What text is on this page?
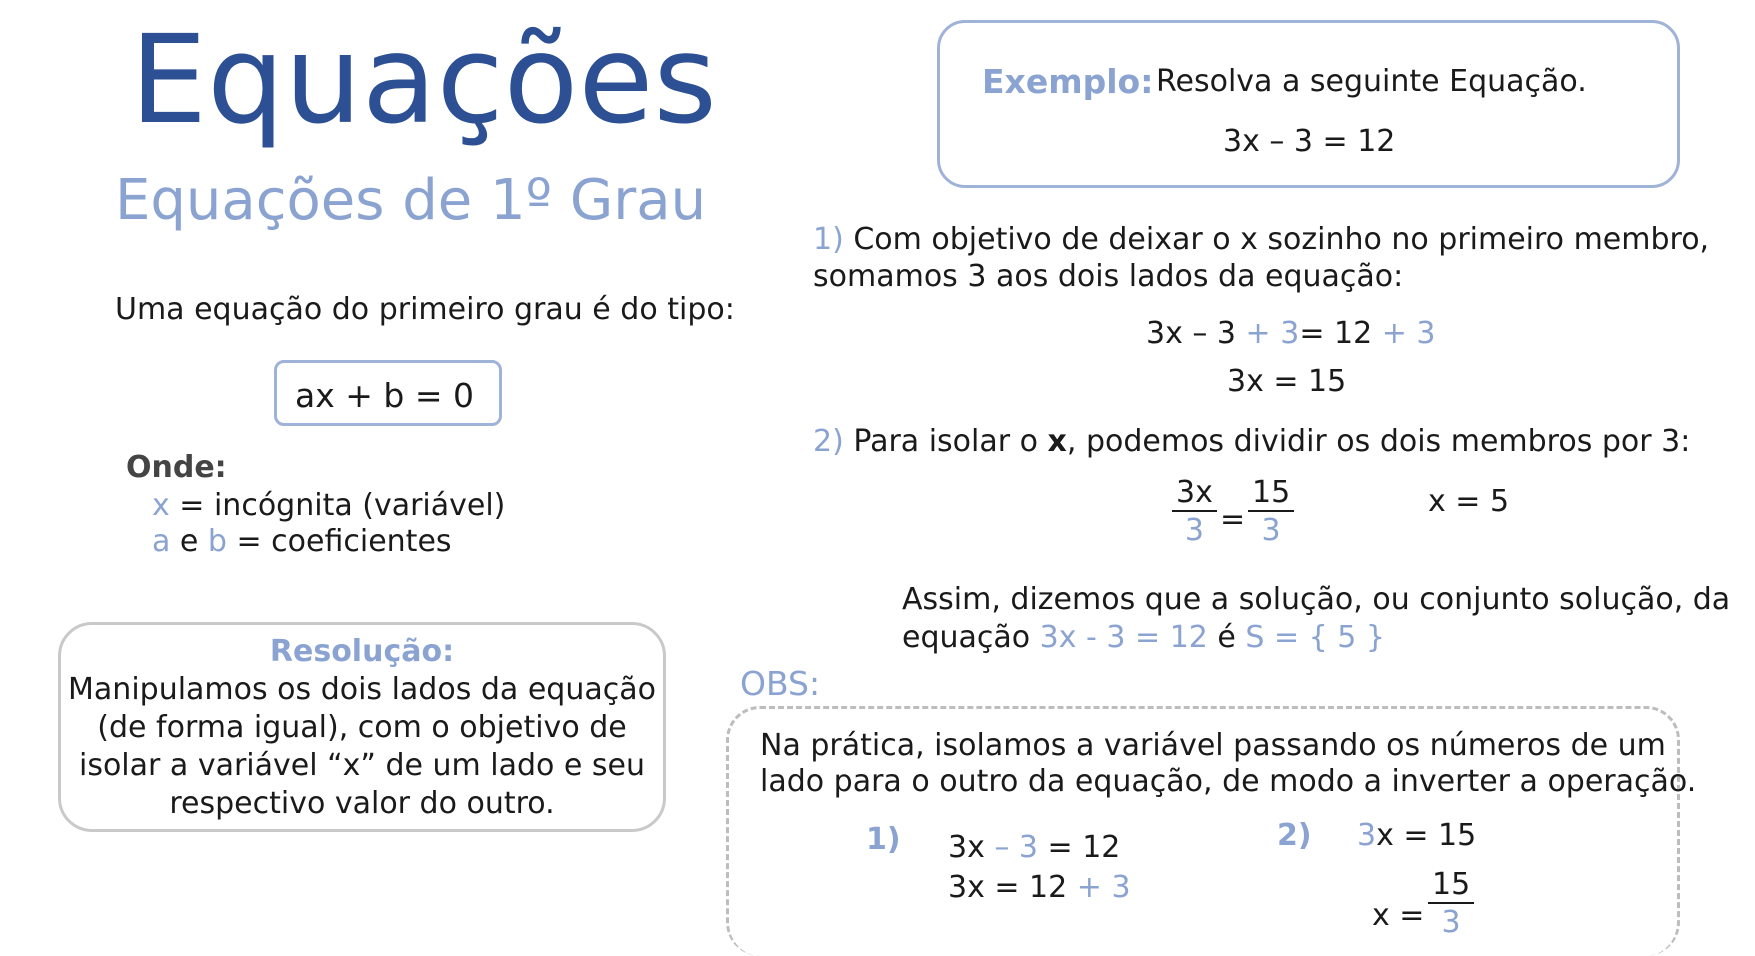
Equações
Equações de 1º Grau
Uma equação do primeiro grau é do tipo:
ax + b = 0
Onde:
x = incógnita (variável)
a e b = coeficientes
Resolução:
Manipulamos os dois lados da equação
(de forma igual), com o objetivo de
isolar a variável “x” de um lado e seu
respectivo valor do outro.
Exemplo: Resolva a seguinte Equação.
3x – 3 = 12
1) Com objetivo de deixar o x sozinho no primeiro membro,
somamos 3 aos dois lados da equação:
3x – 3 + 3= 12 + 3
3x = 15
2) Para isolar o x, podemos dividir os dois membros por 3:
$\frac{3x}{3} = \frac{15}{3}$	x = 5
Assim, dizemos que a solução, ou conjunto solução, da
equação 3x - 3 = 12 é S = { 5 }
OBS:
Na prática, isolamos a variável passando os números de um
lado para o outro da equação, de modo a inverter a operação.
1) 3x – 3 = 12
3x = 12 + 3
2) 3x = 15
$x = \frac{15}{3}$
